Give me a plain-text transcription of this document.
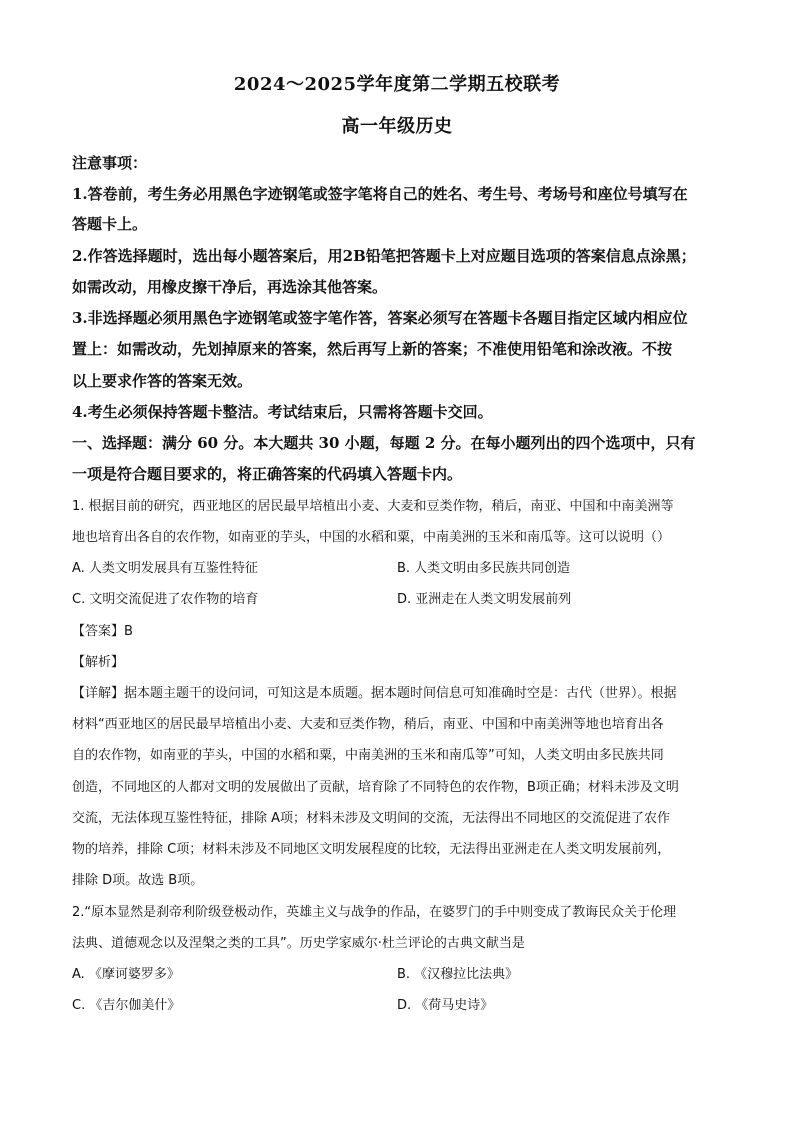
2024～2025学年度第二学期五校联考
高一年级历史
注意事项：
1.答卷前，考生务必用黑色字迹钢笔或签字笔将自己的姓名、考生号、考场号和座位号填写在
答题卡上。
2.作答选择题时，选出每小题答案后，用2B铅笔把答题卡上对应题目选项的答案信息点涂黑；
如需改动，用橡皮擦干净后，再选涂其他答案。
3.非选择题必须用黑色字迹钢笔或签字笔作答，答案必须写在答题卡各题目指定区域内相应位
置上：如需改动，先划掉原来的答案，然后再写上新的答案；不准使用铅笔和涂改液。不按
以上要求作答的答案无效。
4.考生必须保持答题卡整洁。考试结束后，只需将答题卡交回。
一、选择题：满分 60 分。本大题共 30 小题，每题 2 分。在每小题列出的四个选项中，只有
一项是符合题目要求的，将正确答案的代码填入答题卡内。
1. 根据目前的研究，西亚地区的居民最早培植出小麦、大麦和豆类作物，稍后，南亚、中国和中南美洲等
地也培育出各自的农作物，如南亚的芋头，中国的水稻和粟，中南美洲的玉米和南瓜等。这可以说明（）
A. 人类文明发展具有互鉴性特征	B. 人类文明由多民族共同创造
C. 文明交流促进了农作物的培育	D. 亚洲走在人类文明发展前列
【答案】B
【解析】
【详解】据本题主题干的设问词，可知这是本质题。据本题时间信息可知准确时空是：古代（世界）。根据
材料“西亚地区的居民最早培植出小麦、大麦和豆类作物，稍后，南亚、中国和中南美洲等地也培育出各
自的农作物，如南亚的芋头，中国的水稻和粟，中南美洲的玉米和南瓜等”可知，人类文明由多民族共同
创造，不同地区的人都对文明的发展做出了贡献，培育除了不同特色的农作物，B项正确；材料未涉及文明
交流，无法体现互鉴性特征，排除 A项；材料未涉及文明间的交流，无法得出不同地区的交流促进了农作
物的培养，排除 C项；材料未涉及不同地区文明发展程度的比较，无法得出亚洲走在人类文明发展前列，
排除 D项。故选 B项。
2.“原本显然是刹帝利阶级登极动作，英雄主义与战争的作品，在婆罗门的手中则变成了教诲民众关于伦理
法典、道德观念以及涅槃之类的工具”。历史学家威尔·杜兰评论的古典文献当是
A. 《摩诃婆罗多》	B. 《汉穆拉比法典》
C. 《吉尔伽美什》	D. 《荷马史诗》
